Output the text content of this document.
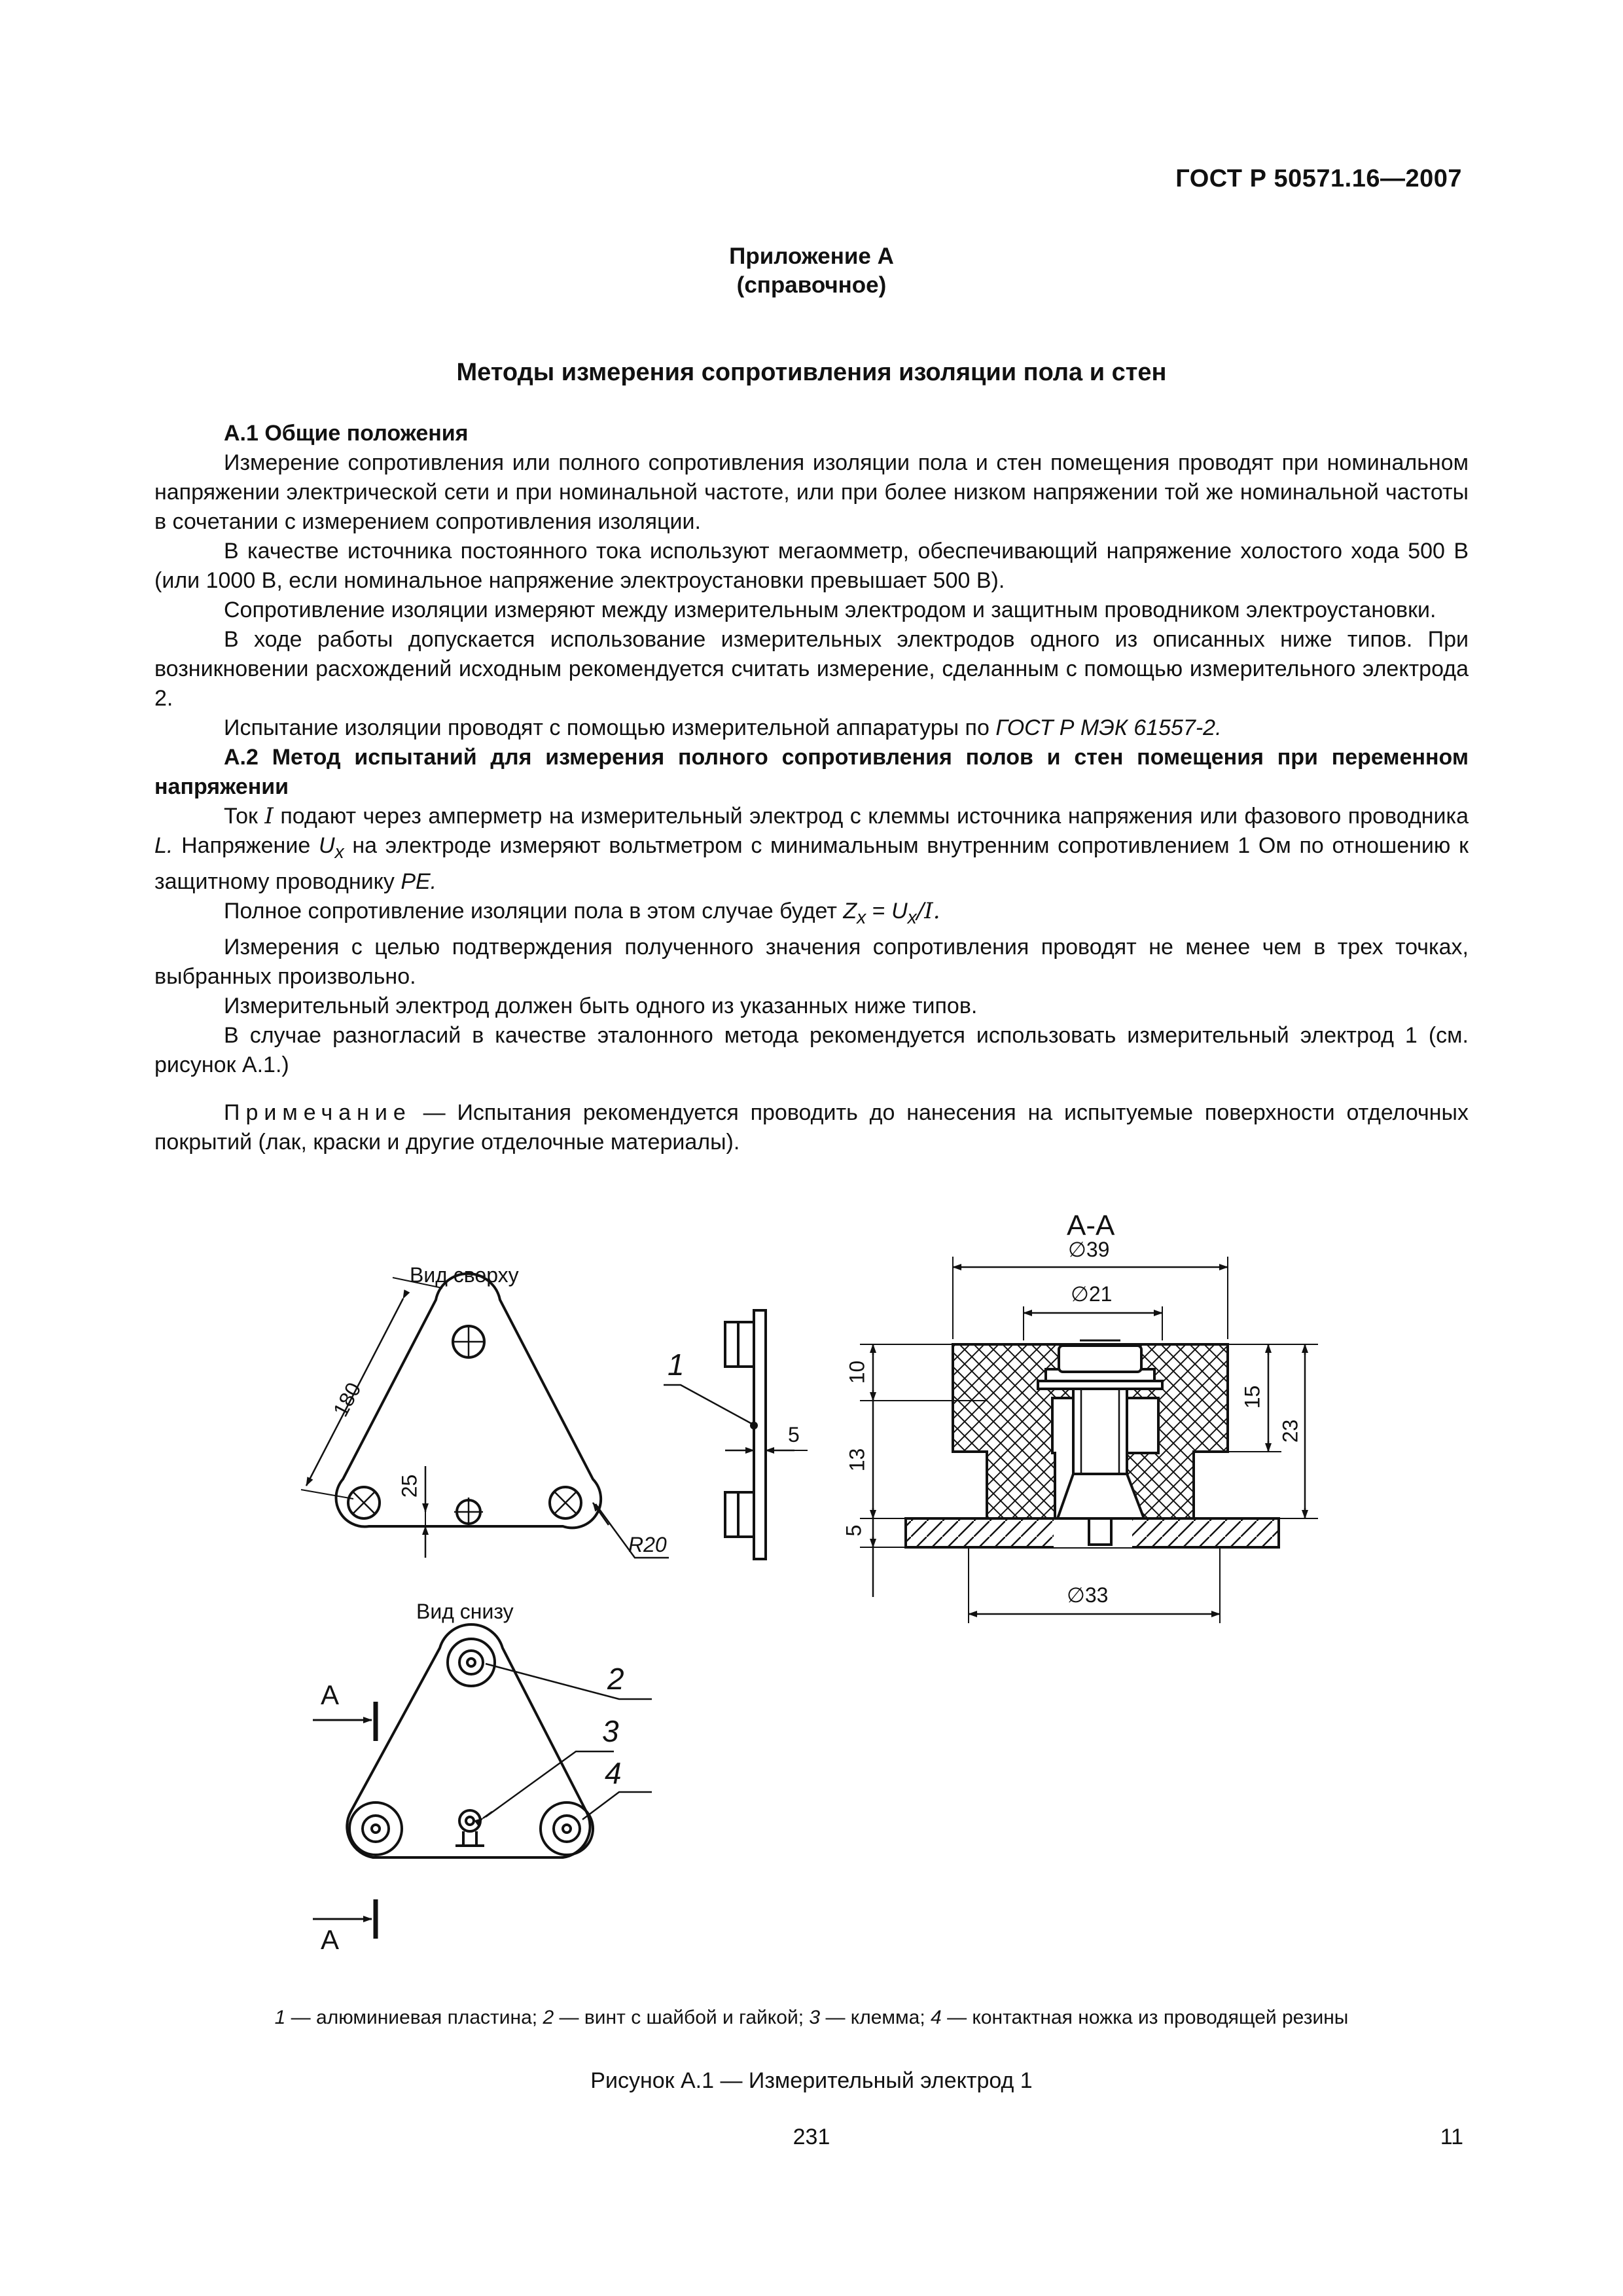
ГОСТ Р 50571.16—2007
Приложение А
(справочное)
Методы измерения сопротивления изоляции пола и стен

А.1 Общие положения

Измерение сопротивления или полного сопротивления изоляции пола и стен помещения проводят при номинальном напряжении электрической сети и при номинальной частоте, или при более низком напряжении той же номинальной частоты в сочетании с измерением сопротивления изоляции.

В качестве источника постоянного тока используют мегаомметр, обеспечивающий напряжение холостого хода 500 В (или 1000 В, если номинальное напряжение электроустановки превышает 500 В).

Сопротивление изоляции измеряют между измерительным электродом и защитным проводником электроустановки.

В ходе работы допускается использование измерительных электродов одного из описанных ниже типов. При возникновении расхождений исходным рекомендуется считать измерение, сделанным с помощью измерительного электрода 2.

Испытание изоляции проводят с помощью измерительной аппаратуры по ГОСТ Р МЭК 61557-2.

А.2 Метод испытаний для измерения полного сопротивления полов и стен помещения при переменном напряжении

Ток I подают через амперметр на измерительный электрод с клеммы источника напряжения или фазового проводника L. Напряжение $U_x$ на электроде измеряют вольтметром с минимальным внутренним сопротивлением 1 Ом по отношению к защитному проводнику PE.

Полное сопротивление изоляции пола в этом случае будет $Z_x = U_x/I$.

Измерения с целью подтверждения полученного значения сопротивления проводят не менее чем в трех точках, выбранных произвольно.

Измерительный электрод должен быть одного из указанных ниже типов.

В случае разногласий в качестве эталонного метода рекомендуется использовать измерительный электрод 1 (см. рисунок А.1.)

Примечание — Испытания рекомендуется проводить до нанесения на испытуемые поверхности отделочных покрытий (лак, краски и другие отделочные материалы).

Вид сверху
Вид снизу
А-А
180
25
R20
5
∅39
∅21
∅33
10
13
5
15
23
А
А
1
2
3
4
1 — алюминиевая пластина; 2 — винт с шайбой и гайкой; 3 — клемма; 4 — контактная ножка из проводящей резины
Рисунок А.1 — Измерительный электрод 1
231	11
